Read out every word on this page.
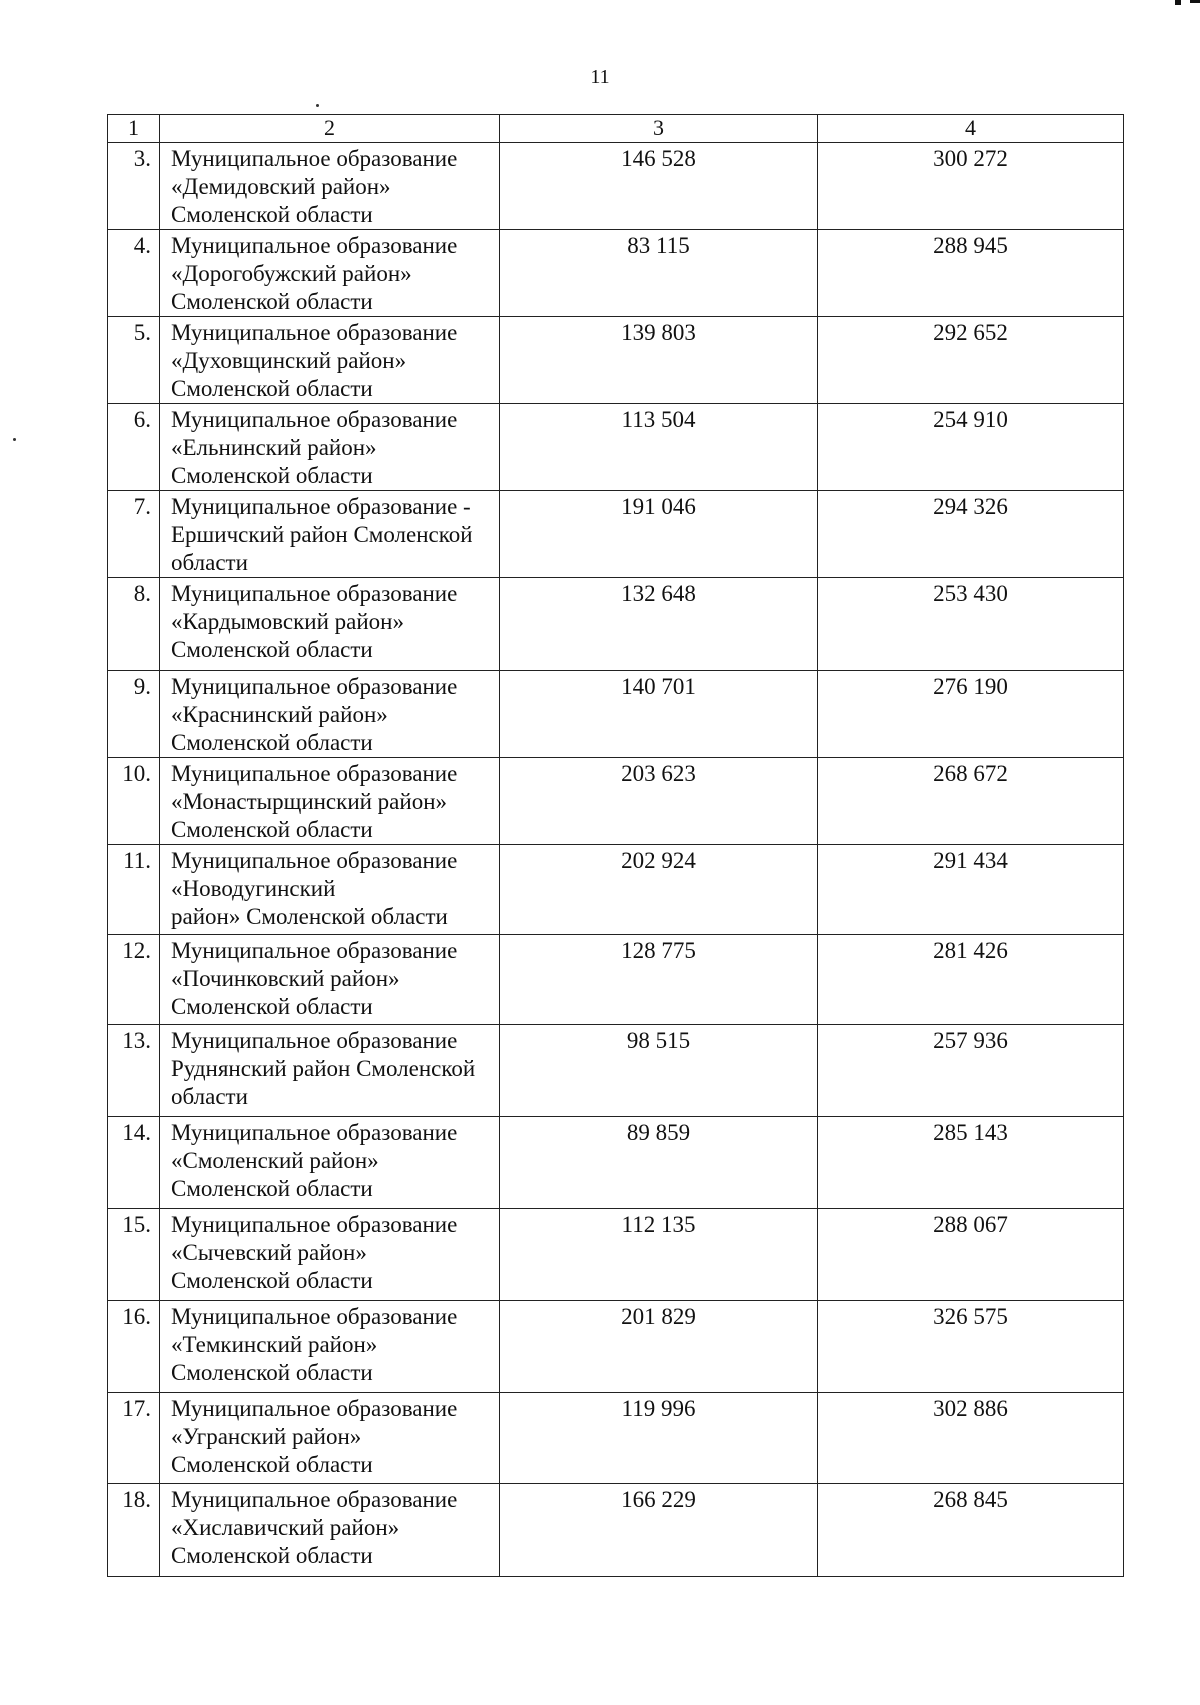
11
1	2	3	4
3.	Муниципальное образование
«Демидовский район»
Смоленской области	146 528	300 272
4.	Муниципальное образование
«Дорогобужский район»
Смоленской области	83 115	288 945
5.	Муниципальное образование
«Духовщинский район»
Смоленской области	139 803	292 652
6.	Муниципальное образование
«Ельнинский район»
Смоленской области	113 504	254 910
7.	Муниципальное образование -
Ершичский район Смоленской
области	191 046	294 326
8.	Муниципальное образование
«Кардымовский район»
Смоленской области	132 648	253 430
9.	Муниципальное образование
«Краснинский район»
Смоленской области	140 701	276 190
10.	Муниципальное образование
«Монастырщинский район»
Смоленской области	203 623	268 672
11.	Муниципальное образование
«Новодугинский
район» Смоленской области	202 924	291 434
12.	Муниципальное образование
«Починковский район»
Смоленской области	128 775	281 426
13.	Муниципальное образование
Руднянский район Смоленской
области	98 515	257 936
14.	Муниципальное образование
«Смоленский район»
Смоленской области	89 859	285 143
15.	Муниципальное образование
«Сычевский район»
Смоленской области	112 135	288 067
16.	Муниципальное образование
«Темкинский район»
Смоленской области	201 829	326 575
17.	Муниципальное образование
«Угранский район»
Смоленской области	119 996	302 886
18.	Муниципальное образование
«Хиславичский район»
Смоленской области	166 229	268 845
